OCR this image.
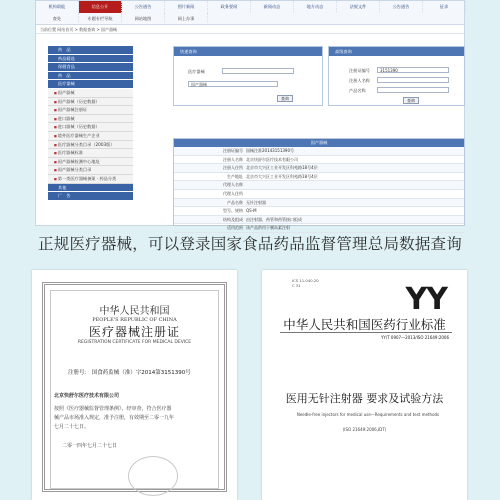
机构职能	信息公开	公告通告	图片新闻	政务要闻	新闻动态	地方动态	法规文件	公告通告	征求
查处	专题专栏导航	网站地图	网上办事
当前位置 网站首页 > 数据查询 > 国产器械
药　品
药品精选
保健食品
药　品
医疗器械
■ 国产器械
■ 国产器械（历史数据）
■ 国产器械注册证
■ 进口器械
■ 进口器械（历史数据）
■ 境外医疗器械生产企业
■ 医疗器械分类目录（2003版）
■ 医疗器械标准
■ 国产器械检测中心地址
■ 国产器械分类目录
■ 第一类医疗器械备案 · 药品分类
其他
广　告
快速查询
医疗器械
国产器械
查询
高级查询
注册证编号	3151390
注册人名称
产品名称
查询
国产器械
注册证编号 国械注准20143151390号
注册人名称 北京快舒尔医疗技术有限公司
注册人住所 北京市大兴区工业开发区科苑路18号4层
生产地址 北京市大兴区工业开发区科苑路18号4层
代理人名称
代理人住所
产品名称 无针注射器
型号、规格 QS-M
结构及组成 由注射器、药管和药管接口组成
适用范围 该产品供用于胰岛素注射
正规医疗器械，可以登录国家食品药品监督管理总局数据查询
中华人民共和国
PEOPLE'S REPUBLIC OF CHINA
医疗器械注册证
REGISTRATION CERTIFICATE FOR MEDICAL DEVICE
注册号： 国食药监械（准）字2014第3151390号
北京快舒尔医疗技术有限公司
按照《医疗器械监督管理条例》，经审查，符合医疗器械产品市场准入规定，准予注册，有效期至二零一九年七月二十七日。
二零一四年七月二十七日
ICS 11.040.20
C 31	YY
中华人民共和国医药行业标准
YY/T 0907—2013/ISO 21649:2006
医用无针注射器 要求及试验方法
Needle-free injectors for medical use—Requirements and test methods
(ISO 21649:2006,IDT)
